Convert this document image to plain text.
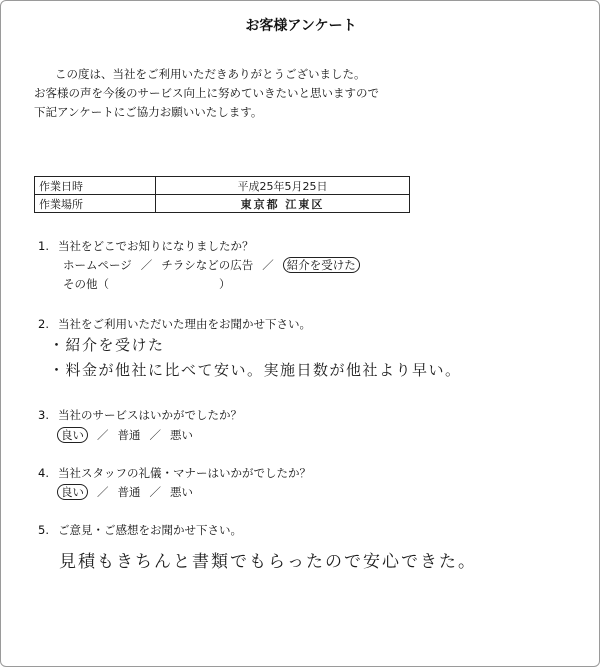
お客様アンケート
この度は、当社をご利用いただきありがとうございました。
お客様の声を今後のサービス向上に努めていきたいと思いますので
下記アンケートにご協力お願いいたします。
作業日時	平成25年5月25日
作業場所	東京都 江東区
1. 当社をどこでお知りになりましたか？
ホームページ ／ チラシなどの広告 ／ 紹介を受けた
その他（	）
2. 当社をご利用いただいた理由をお聞かせ下さい。
・紹介を受けた
・料金が他社に比べて安い。実施日数が他社より早い。
3. 当社のサービスはいかがでしたか？
良い ／ 普通 ／ 悪い
4. 当社スタッフの礼儀・マナーはいかがでしたか？
良い ／ 普通 ／ 悪い
5. ご意見・ご感想をお聞かせ下さい。
見積もきちんと書類でもらったので安心できた。
